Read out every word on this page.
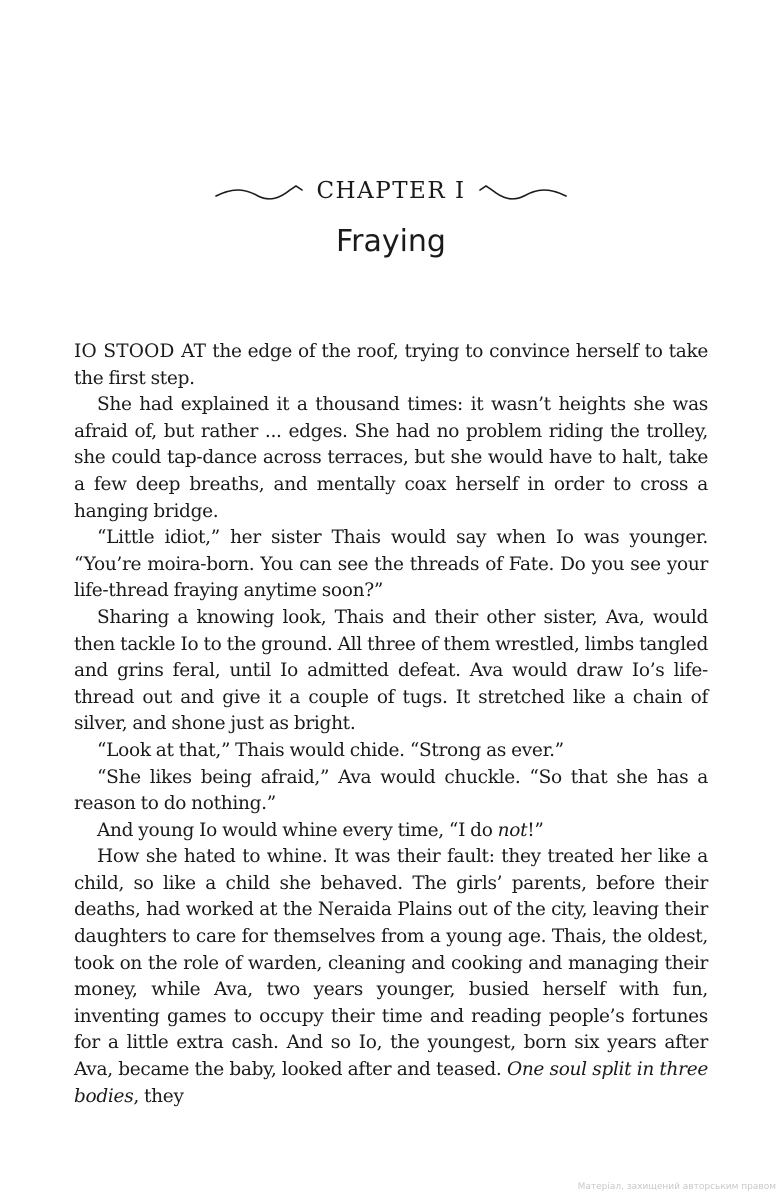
CHAPTER I
Fraying

IO STOOD AT the edge of the roof, trying to convince herself to take the first step.

She had explained it a thousand times: it wasn’t heights she was afraid of, but rather ... edges. She had no problem riding the trolley, she could tap-dance across terraces, but she would have to halt, take a few deep breaths, and mentally coax herself in order to cross a hanging bridge.

“Little idiot,” her sister Thais would say when Io was younger. “You’re moira-born. You can see the threads of Fate. Do you see your life-thread fraying anytime soon?”

Sharing a knowing look, Thais and their other sister, Ava, would then tackle Io to the ground. All three of them wrestled, limbs tangled and grins feral, until Io admitted defeat. Ava would draw Io’s life-thread out and give it a couple of tugs. It stretched like a chain of silver, and shone just as bright.

“Look at that,” Thais would chide. “Strong as ever.”

“She likes being afraid,” Ava would chuckle. “So that she has a reason to do nothing.”

And young Io would whine every time, “I do not!”

How she hated to whine. It was their fault: they treated her like a child, so like a child she behaved. The girls’ parents, before their deaths, had worked at the Neraida Plains out of the city, leaving their daughters to care for themselves from a young age. Thais, the oldest, took on the role of warden, cleaning and cooking and managing their money, while Ava, two years younger, busied herself with fun, inventing games to occupy their time and reading people’s fortunes for a little extra cash. And so Io, the youngest, born six years after Ava, became the baby, looked after and teased. One soul split in three bodies, they

Матеріал, захищений авторським правом
